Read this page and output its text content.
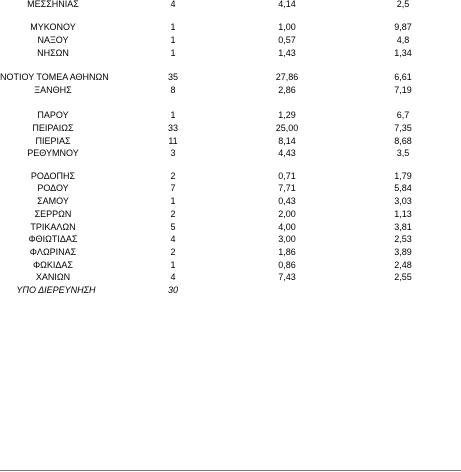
ΜΕΣΣΗΝΙΑΣ	4	4,14	2,5
ΜΥΚΟΝΟΥ	1	1,00	9,87
ΝΑΞΟΥ	1	0,57	4,8
ΝΗΣΩΝ	1	1,43	1,34
ΝΟΤΙΟΥ ΤΟΜΕΑ ΑΘΗΝΩΝ	35	27,86	6,61
ΞΑΝΘΗΣ	8	2,86	7,19
ΠΑΡΟΥ	1	1,29	6,7
ΠΕΙΡΑΙΩΣ	33	25,00	7,35
ΠΙΕΡΙΑΣ	11	8,14	8,68
ΡΕΘΥΜΝΟΥ	3	4,43	3,5
ΡΟΔΟΠΗΣ	2	0,71	1,79
ΡΟΔΟΥ	7	7,71	5,84
ΣΑΜΟΥ	1	0,43	3,03
ΣΕΡΡΩΝ	2	2,00	1,13
ΤΡΙΚΑΛΩΝ	5	4,00	3,81
ΦΘΙΩΤΙΔΑΣ	4	3,00	2,53
ΦΛΩΡΙΝΑΣ	2	1,86	3,89
ΦΩΚΙΔΑΣ	1	0,86	2,48
ΧΑΝΙΩΝ	4	7,43	2,55
ΥΠΟ ΔΙΕΡΕΥΝΗΣΗ	30
